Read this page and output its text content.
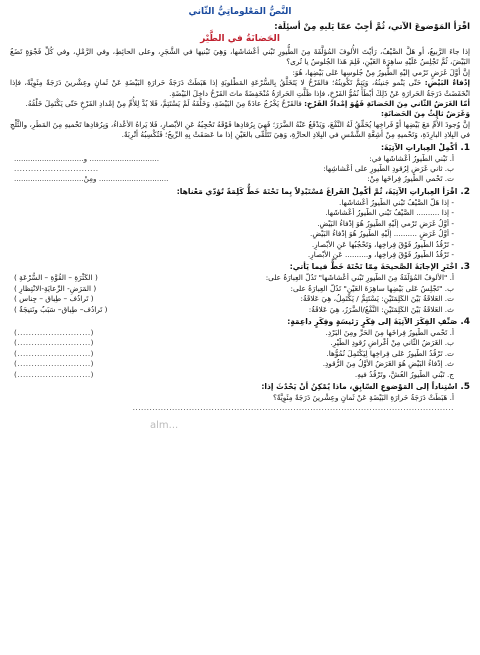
النَّصُّ المَعْلوماتِيُّ الثّاني

اقْرَأ المَوْضوعَ الآتي، ثُمَّ أجِبْ عمّا يَليهِ مِنْ أسئِلَة:

الحَضانَةُ في الطَّيْر

إذا جاءَ الرَّبيعُ، أو هَلَّ الصَّيْفُ، رَأيْتَ الأُلوفَ المُؤلَّفَةَ مِنَ الطُّيورِ تَبْني أعْشاشَها، وَهِيَ تَبْنيها في الشَّجَرِ، وعلى الحائِطِ، وفي الرَّمْلِ، وفي كُلِّ فَجْوَةٍ تَضَعُ البَيْضَ، ثُمَّ تَجْلِسُ عَلَيْهِ ساهِرَةَ العَيْنِ، فَلِمَ هَذا الجُلوسُ يا تُرى؟

إنَّ أوَّلَ غَرَضٍ تَرْمي إليْهِ الطُّيورُ مِنْ جُلوسِها عَلى بَيْضِها، هُوَ:

إدْفاءُ البَيْضِ: حَتّى يَنْمو جَنينُهُ، وَيَتِمَّ تَكْوينُهُ؛ فالفَرْخُ لا يَتَخَلَّقُ بِالسُّرْعَةِ المَطْلوبَةِ إذا هَبَطَتْ دَرَجَةُ حَرارَةِ البَيْضَةِ عَنْ ثَمانٍ وعِشْرينَ دَرَجَةً مِئَوِيَّةً، فإذا انْخَفَضَتْ دَرَجَةُ الحَرارَةِ عَنْ ذَلِكَ أبْطَأَ نُمُوُّ الفَرْخِ، فإذا ظَلَّتِ الحَرارَةُ مُنْخَفِضَةً ماتَ الفَرْخُ داخِلَ البَيْضَةِ.

أمّا الغَرَضُ الثّاني مِنَ الحَضانَةِ فَهُوَ إمْدادُ الفَرْخِ: فالفَرْخُ يَخْرُجُ عادَةً مِنَ البَيْضَةِ، وَخَلْفَهُ لَمْ يَسْتَتِمَّ، فَلا بُدَّ لِلأُمِّ مِنْ إمْدادِ الفَرْخِ حَتّى يَكْتَمِلَ خَلْقُهُ.

وَغَرَضٌ ثالِثٌ مِنَ الحَضانَةِ:

إنَّ وُجودَ الأُمِّ مَعَ بَيْضِها أوْ فَراخِها يُحَقِّقُ لَهُ النَّفْعَ، وَيَدْفَعُ عَنْهُ الضَّرَرَ؛ فَهِيَ بِرُقادِها فَوْقَهُ تَحْجِبُهُ عَنِ الأبْصارِ، فَلا يَراهُ الأعْداءُ، وَبِرُقادِها تَحْميهِ مِنَ المَطَرِ، والثَّلْجِ في البِلادِ البارِدَةِ، وَتَحْميهِ مِنْ أشِعَّةِ الشَّمْسِ في البِلادِ الحارَّةِ، وَهِيَ تَتَلَقّى بالعَيْنِ إذا ما عَصَفَتْ بِهِ الرِّيحُ؛ فَتُكْسِبُهُ أتْرِبَةً.

1.أكْمِلْ العِباراتِ الآتِيَةَ:

أ. تَبْني الطُّيورُ أعْشاشَها في:
.............................. و..............................
ب. ثاني غَرَضٍ لِرُقودِ الطُّيورِ على أعْشاشِها:
..............................
ت. تَحْمي الطُّيورُ فِراخَها مِنْ:
.............................. ومِنْ..............................

2.اقْرَأ العِباراتِ الآتِيَةَ، ثُمَّ أكْمِلْ الفَراغَ مُسْتَبْدِلاً بِما تَحْتَهُ خَطٌّ كَلِمَةً تُؤدّي مَعْناها:

- إذا هَلَّ الصَّيْفُ تَبْني الطُّيورُ أعْشاشَها.
- إذا .......... الصَّيْفُ تَبْني الطُّيورُ أعْشاشَها.
- أوَّلُ غَرَضٍ تَرْمي إلَيْهِ الطُّيورُ هُوَ إدْفاءُ البَيْضِ.
- أوَّلُ غَرَضٍ .......... إلَيْهِ الطُّيورُ هُوَ إدْفاءُ البَيْضِ.
- تَرْقُدُ الطُّيورُ فَوْقَ فِراخِها، وَتَحْجُبُها عَنِ الأبْصارِ.
- تَرْقُدُ الطُّيورُ فَوْقَ فِراخِها، و.......... عَنِ الأبْصارِ.

3.اخْتَرِ الإجابَةَ الصَّحيحَةَ مِمّا تَحْتَهُ خَطٌّ فيما يَأتي:

أ. "الأُلوفُ المُؤلَّفَةُ مِنَ الطُّيورِ تَبْني أعْشاشَها" تَدُلُّ العِبارَةُ على:
( الكَثْرَةِ – القُوَّةِ – السُّرْعَةِ )
ب. "تَجْلِسُ عَلى بَيْضِها ساهِرَةَ العَيْنِ" تَدُلُّ العِبارَةُ على:
( المَرَضِ- الرِّعايَةِ-الانْتِظارِ )
ت. العَلاقَةُ بَيْنَ الكَلِمَتَيْنِ: يَسْتَتِمُّ / يَكْتَمِلُ، هِيَ عَلاقَةُ:
( تَرادُف – طِباق – جِناس )
ث. العَلاقَةُ بَيْنَ الكَلِمَتَيْنِ: النَّفْعُ/الضَّرَرُ، هِيَ عَلاقَةُ:
( تَرادُف– طِباق– سَبَبٌ ونَتيجَةٌ )

4.صَنِّفِ الفِكَرَ الآتِيَةَ إلى فِكَرٍ رَئيسَةٍ وفِكَرٍ داعِمَةٍ:

أ. تَحْمي الطُّيورُ فِراخَها مِنَ الحَرِّ ومِنَ البَرْدِ.
(..........................)
ب. الغَرَضُ الثّاني مِنْ أغْراضِ رُقودِ الطَّيْرِ.
(..........................)
ت. تَرْقُدُ الطُّيورُ عَلى فِراخِها لِيَكْتَمِلَ نُمُوُّها.
(..........................)
ث. إدْفاءُ البَيْضِ هُوَ الغَرَضُ الأوَّلُ مِنَ الرُّقودِ.
(..........................)
ج. تَبْني الطُّيورُ العُشَّ، وتَرْقُدُ فيهِ.
(..........................)

5.اسْتِناداً إلى المَوْضوعِ السّابِقِ، ماذا يُمْكِنُ أنْ يَحْدُثَ إذا:

أ. هَبَطَتْ دَرَجَةُ حَرارَةِ البَيْضَةِ عَنْ ثَمانٍ وعِشْرينَ دَرَجَةً مِئَوِيَّةً؟
..................................................................................................................
alm...
